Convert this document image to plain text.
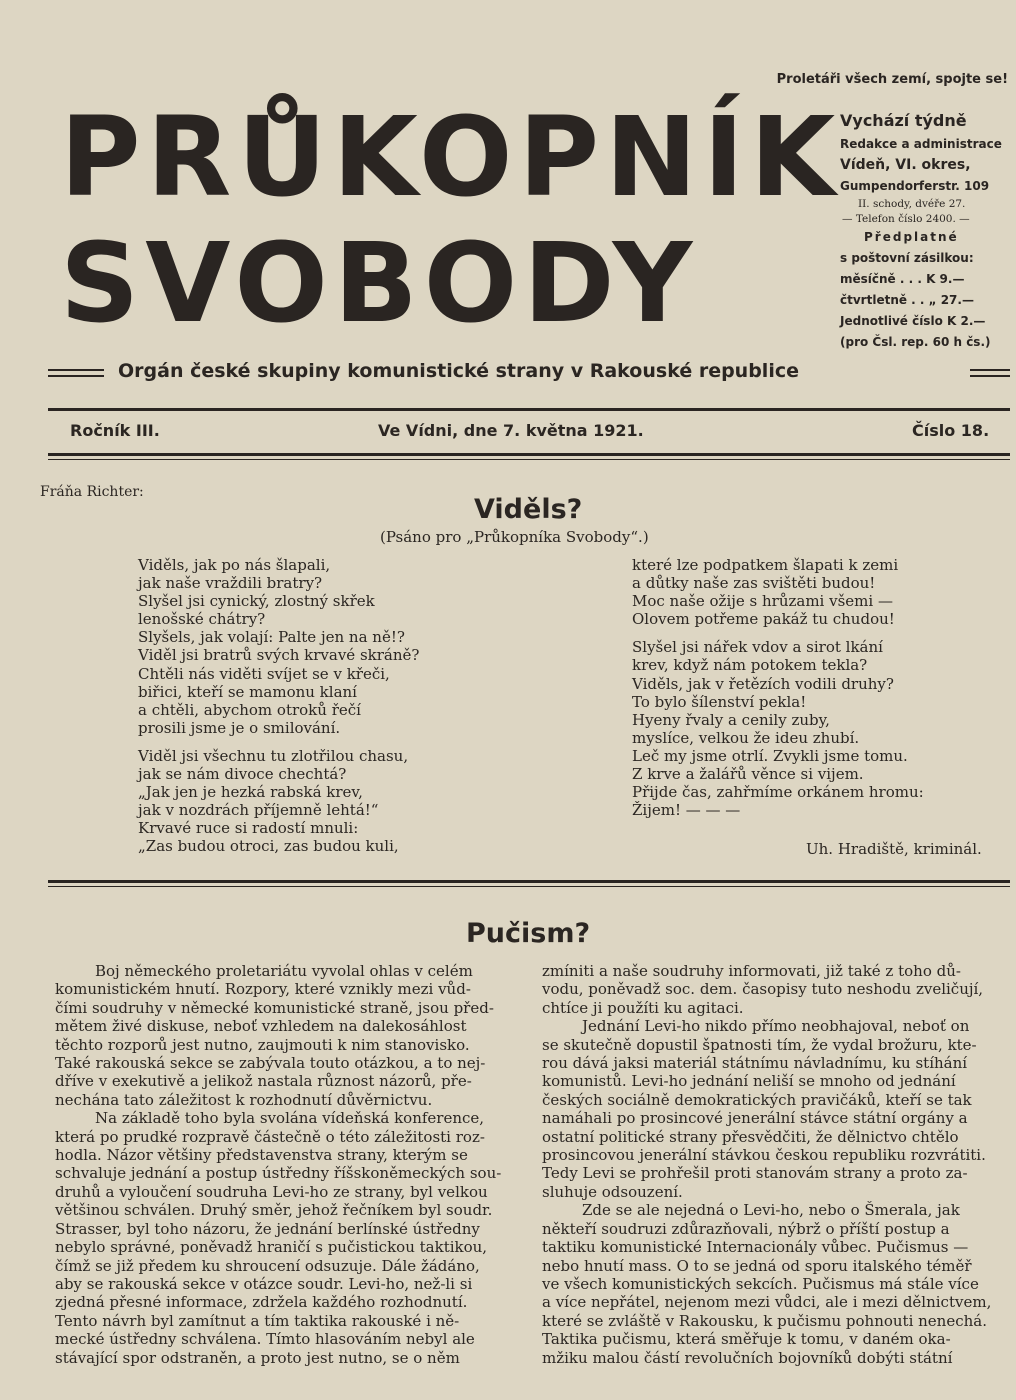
Proletáři všech zemí, spojte se!
PRŮKOPNÍK
SVOBODY
Vychází týdně
Redakce a administrace
Vídeň, VI. okres,
Gumpendorferstr. 109
II. schody, dvéře 27.
— Telefon číslo 2400. —
Předplatné
s poštovní zásilkou:
měsíčně . . . K 9.—
čtvrtletně . . „ 27.—
Jednotlivé číslo K 2.—
(pro Čsl. rep. 60 h čs.)
Orgán české skupiny komunistické strany v Rakouské republice
Ročník III.	Ve Vídni, dne 7. května 1921.	Číslo 18.
Fráňa Richter:
Viděls?
(Psáno pro „Průkopníka Svobody“.)
Viděls, jak po nás šlapali,
jak naše vraždili bratry?
Slyšel jsi cynický, zlostný skřek
lenošské chátry?
Slyšels, jak volají: Palte jen na ně!?
Viděl jsi bratrů svých krvavé skráně?
Chtěli nás viděti svíjet se v křeči,
biřici, kteří se mamonu klaní
a chtěli, abychom otroků řečí
prosili jsme je o smilování.
Viděl jsi všechnu tu zlotřilou chasu,
jak se nám divoce chechtá?
„Jak jen je hezká rabská krev,
jak v nozdrách příjemně lehtá!“
Krvavé ruce si radostí mnuli:
„Zas budou otroci, zas budou kuli,
které lze podpatkem šlapati k zemi
a důtky naše zas svištěti budou!
Moc naše ožije s hrůzami všemi —
Olovem potřeme pakáž tu chudou!
Slyšel jsi nářek vdov a sirot lkání
krev, když nám potokem tekla?
Viděls, jak v řetězích vodili druhy?
To bylo šílenství pekla!
Hyeny řvaly a cenily zuby,
myslíce, velkou že ideu zhubí.
Leč my jsme otrlí. Zvykli jsme tomu.
Z krve a žalářů věnce si vijem.
Přijde čas, zahřmíme orkánem hromu:
Žijem! — — —
Uh. Hradiště, kriminál.
Pučism?
Boj německého proletariátu vyvolal ohlas v celém
komunistickém hnutí. Rozpory, které vznikly mezi vůd-
čími soudruhy v německé komunistické straně, jsou před-
mětem živé diskuse, neboť vzhledem na dalekosáhlost
těchto rozporů jest nutno, zaujmouti k nim stanovisko.
Také rakouská sekce se zabývala touto otázkou, a to nej-
dříve v exekutivě a jelikož nastala různost názorů, pře-
nechána tato záležitost k rozhodnutí důvěrnictvu.
Na základě toho byla svolána vídeňská konference,
která po prudké rozpravě částečně o této záležitosti roz-
hodla. Názor většiny představenstva strany, kterým se
schvaluje jednání a postup ústředny říšskoněmeckých sou-
druhů a vyloučení soudruha Levi-ho ze strany, byl velkou
většinou schválen. Druhý směr, jehož řečníkem byl soudr.
Strasser, byl toho názoru, že jednání berlínské ústředny
nebylo správné, poněvadž hraničí s pučistickou taktikou,
čímž se již předem ku shroucení odsuzuje. Dále žádáno,
aby se rakouská sekce v otázce soudr. Levi-ho, než-li si
zjedná přesné informace, zdržela každého rozhodnutí.
Tento návrh byl zamítnut a tím taktika rakouské i ně-
mecké ústředny schválena. Tímto hlasováním nebyl ale
stávající spor odstraněn, a proto jest nutno, se o něm
zmíniti a naše soudruhy informovati, již také z toho dů-
vodu, poněvadž soc. dem. časopisy tuto neshodu zveličují,
chtíce ji použíti ku agitaci.
Jednání Levi-ho nikdo přímo neobhajoval, neboť on
se skutečně dopustil špatnosti tím, že vydal brožuru, kte-
rou dává jaksi materiál státnímu návladnímu, ku stíhání
komunistů. Levi-ho jednání neliší se mnoho od jednání
českých sociálně demokratických pravičáků, kteří se tak
namáhali po prosincové jenerální stávce státní orgány a
ostatní politické strany přesvědčiti, že dělnictvo chtělo
prosincovou jenerální stávkou českou republiku rozvrátiti.
Tedy Levi se prohřešil proti stanovám strany a proto za-
sluhuje odsouzení.
Zde se ale nejedná o Levi-ho, nebo o Šmerala, jak
někteří soudruzi zdůrazňovali, nýbrž o příští postup a
taktiku komunistické Internacionály vůbec. Pučismus —
nebo hnutí mass. O to se jedná od sporu italského téměř
ve všech komunistických sekcích. Pučismus má stále více
a více nepřátel, nejenom mezi vůdci, ale i mezi dělnictvem,
které se zvláště v Rakousku, k pučismu pohnouti nenechá.
Taktika pučismu, která směřuje k tomu, v daném oka-
mžiku malou částí revolučních bojovníků dobýti státní
